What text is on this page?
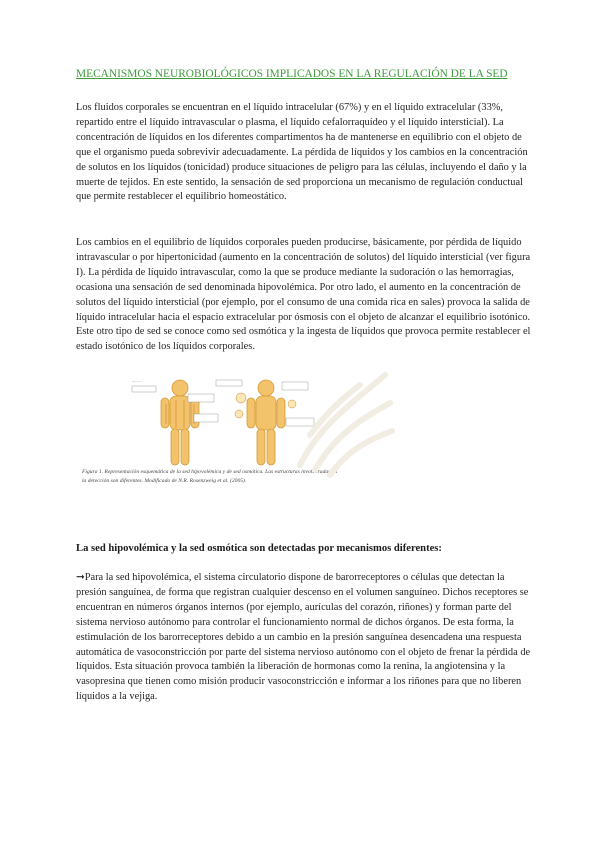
MECANISMOS NEUROBIOLÓGICOS IMPLICADOS EN LA REGULACIÓN DE LA SED

Los fluidos corporales se encuentran en el líquido intracelular (67%) y en el líquido extracelular (33%, repartido entre el líquido intravascular o plasma, el líquido cefalorraquídeo y el líquido intersticial). La concentración de líquidos en los diferentes compartimentos ha de mantenerse en equilibrio con el objeto de que el organismo pueda sobrevivir adecuadamente. La pérdida de líquidos y los cambios en la concentración de solutos en los líquidos (tonicidad) produce situaciones de peligro para las células, incluyendo el daño y la muerte de tejidos. En este sentido, la sensación de sed proporciona un mecanismo de regulación conductual que permite restablecer el equilibrio homeostático.

Los cambios en el equilibrio de líquidos corporales pueden producirse, básicamente, por pérdida de líquido intravascular o por hipertonicidad (aumento en la concentración de solutos) del líquido intersticial (ver figura I). La pérdida de líquido intravascular, como la que se produce mediante la sudoración o las hemorragias, ocasiona una sensación de sed denominada hipovolémica. Por otro lado, el aumento en la concentración de solutos del líquido intersticial (por ejemplo, por el consumo de una comida rica en sales) provoca la salida de líquido intracelular hacia el espacio extracelular por ósmosis con el objeto de alcanzar el equilibrio isotónico. Este otro tipo de sed se conoce como sed osmótica y la ingesta de líquidos que provoca permite restablecer el estado isotónico de los líquidos corporales.

........
Figura 1. Representación esquemática de la sed hipovolémica y de sed osmótica. Las estructuras involucradas en la detección son diferentes. Modificado de N.R. Rosenzweig et al. (2005).
La sed hipovolémica y la sed osmótica son detectadas por mecanismos diferentes:

➞Para la sed hipovolémica, el sistema circulatorio dispone de barorreceptores o células que detectan la presión sanguínea, de forma que registran cualquier descenso en el volumen sanguíneo. Dichos receptores se encuentran en números órganos internos (por ejemplo, aurículas del corazón, riñones) y forman parte del sistema nervioso autónomo para controlar el funcionamiento normal de dichos órganos. De esta forma, la estimulación de los barorreceptores debido a un cambio en la presión sanguínea desencadena una respuesta automática de vasoconstricción por parte del sistema nervioso autónomo con el objeto de frenar la pérdida de líquidos. Esta situación provoca también la liberación de hormonas como la renina, la angiotensina y la vasopresina que tienen como misión producir vasoconstricción e informar a los riñones para que no liberen líquidos a la vejiga.
